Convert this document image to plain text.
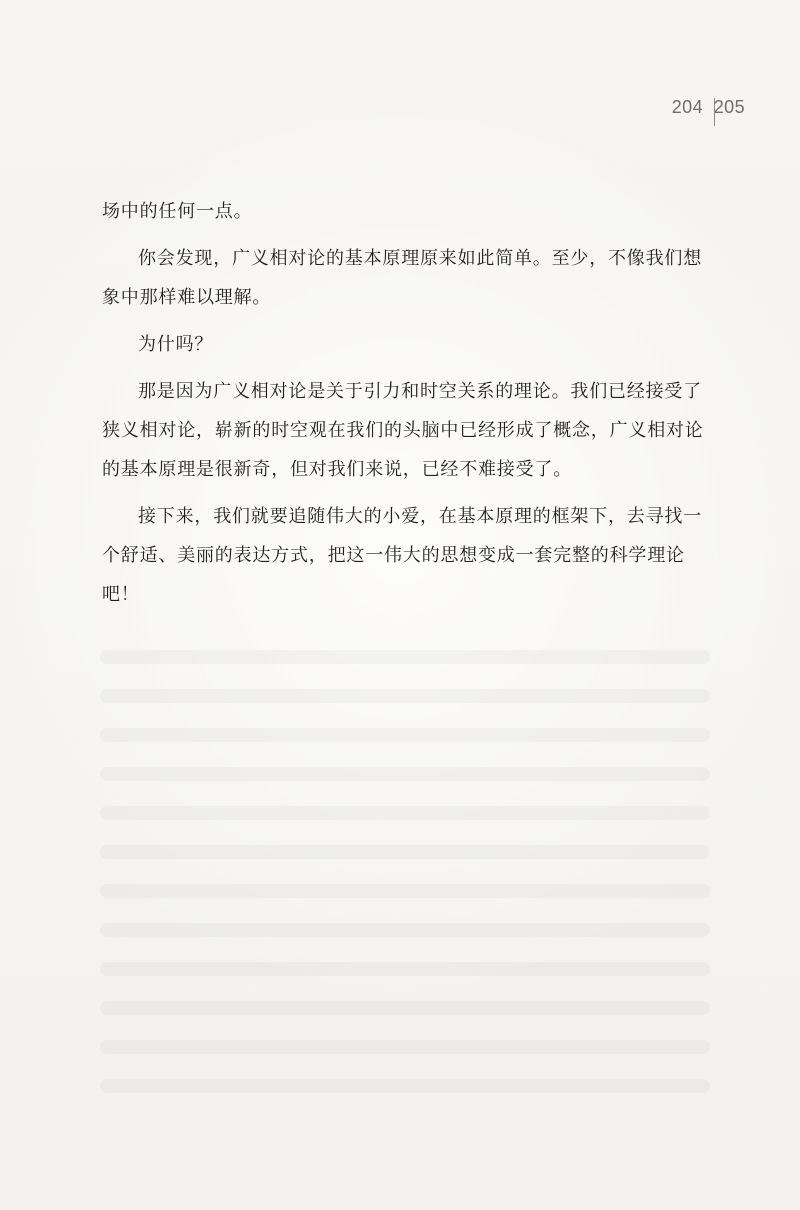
204 205

场中的任何一点。

你会发现，广义相对论的基本原理原来如此简单。至少，不像我们想象中那样难以理解。

为什吗？

那是因为广义相对论是关于引力和时空关系的理论。我们已经接受了狭义相对论，崭新的时空观在我们的头脑中已经形成了概念，广义相对论的基本原理是很新奇，但对我们来说，已经不难接受了。

接下来，我们就要追随伟大的小爱，在基本原理的框架下，去寻找一个舒适、美丽的表达方式，把这一伟大的思想变成一套完整的科学理论吧！
